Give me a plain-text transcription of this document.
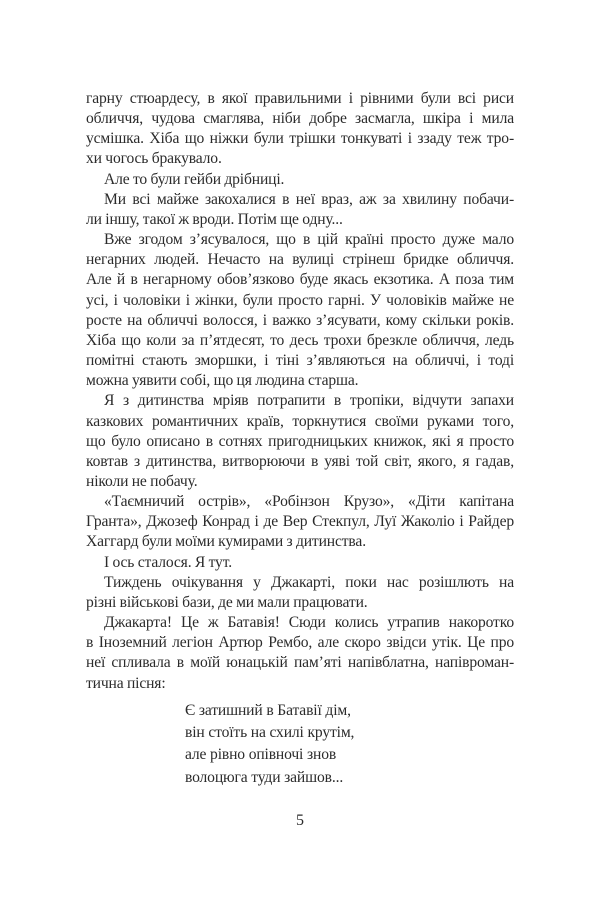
гарну стюардесу, в якої правильними і рівними були всі риси
обличчя, чудова смаглява, ніби добре засмагла, шкіра і мила
усмішка. Хіба що ніжки були трішки тонкуваті і ззаду теж тро-
хи чогось бракувало.
Але то були гейби дрібниці.
Ми всі майже закохалися в неї враз, аж за хвилину побачи-
ли іншу, такої ж вроди. Потім ще одну...
Вже згодом з’ясувалося, що в цій країні просто дуже мало
негарних людей. Нечасто на вулиці стрінеш бридке обличчя.
Але й в негарному обов’язково буде якась екзотика. А поза тим
усі, і чоловіки і жінки, були просто гарні. У чоловіків майже не
росте на обличчі волосся, і важко з’ясувати, кому скільки років.
Хіба що коли за п’ятдесят, то десь трохи брезкле обличчя, ледь
помітні стають зморшки, і тіні з’являються на обличчі, і тоді
можна уявити собі, що ця людина старша.
Я з дитинства мріяв потрапити в тропіки, відчути запахи
казкових романтичних країв, торкнутися своїми руками того,
що було описано в сотнях пригодницьких книжок, які я просто
ковтав з дитинства, витворюючи в уяві той світ, якого, я гадав,
ніколи не побачу.
«Таємничий острів», «Робінзон Крузо», «Діти капітана
Гранта», Джозеф Конрад і де Вер Стекпул, Луї Жаколіо і Райдер
Хаггард були моїми кумирами з дитинства.
І ось сталося. Я тут.
Тиждень очікування у Джакарті, поки нас розішлють на
різні військові бази, де ми мали працювати.
Джакарта! Це ж Батавія! Сюди колись утрапив накоротко
в Іноземний легіон Артюр Рембо, але скоро звідси утік. Це про
неї спливала в моїй юнацькій пам’яті напівблатна, напівроман-
тична пісня:
Є затишний в Батавії дім,
він стоїть на схилі крутім,
але рівно опівночі знов
волоцюга туди зайшов...
5
